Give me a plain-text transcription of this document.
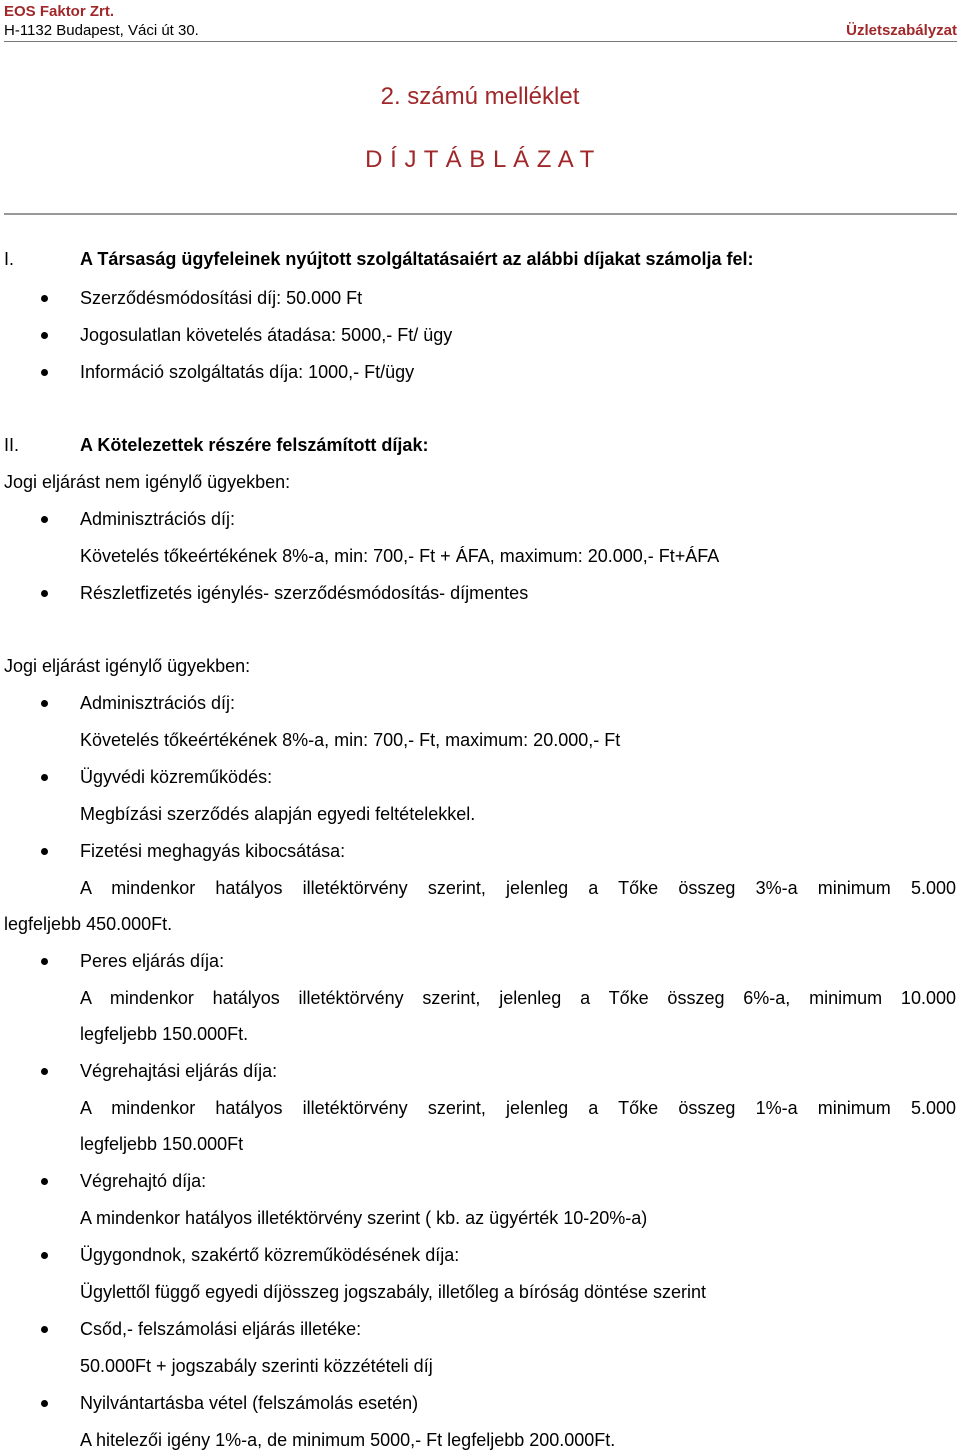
EOS Faktor Zrt.
H-1132 Budapest, Váci út 30.	Üzletszabályzat
2. számú melléklet
D Í J T Á B L Á Z A T
I.	A Társaság ügyfeleinek nyújtott szolgáltatásaiért az alábbi díjakat számolja fel:
Szerződésmódosítási díj: 50.000 Ft
Jogosulatlan követelés átadása: 5000,- Ft/ ügy
Információ szolgáltatás díja: 1000,- Ft/ügy
II.	A Kötelezettek részére felszámított díjak:
Jogi eljárást nem igénylő ügyekben:
Adminisztrációs díj:
Követelés tőkeértékének 8%-a, min: 700,- Ft + ÁFA, maximum: 20.000,- Ft+ÁFA
Részletfizetés igénylés- szerződésmódosítás- díjmentes
Jogi eljárást igénylő ügyekben:
Adminisztrációs díj:
Követelés tőkeértékének 8%-a, min: 700,- Ft, maximum: 20.000,- Ft
Ügyvédi közreműködés:
Megbízási szerződés alapján egyedi feltételekkel.
Fizetési meghagyás kibocsátása:
A mindenkor hatályos illetéktörvény szerint, jelenleg a Tőke összeg 3%-a minimum 5.000
legfeljebb 450.000Ft.
Peres eljárás díja:
A mindenkor hatályos illetéktörvény szerint, jelenleg a Tőke összeg 6%-a, minimum 10.000
legfeljebb 150.000Ft.
Végrehajtási eljárás díja:
A mindenkor hatályos illetéktörvény szerint, jelenleg a Tőke összeg 1%-a minimum 5.000
legfeljebb 150.000Ft
Végrehajtó díja:
A mindenkor hatályos illetéktörvény szerint ( kb. az ügyérték 10-20%-a)
Ügygondnok, szakértő közreműködésének díja:
Ügylettől függő egyedi díjösszeg jogszabály, illetőleg a bíróság döntése szerint
Csőd,- felszámolási eljárás illetéke:
50.000Ft + jogszabály szerinti közzétételi díj
Nyilvántartásba vétel (felszámolás esetén)
A hitelezői igény 1%-a, de minimum 5000,- Ft legfeljebb 200.000Ft.
